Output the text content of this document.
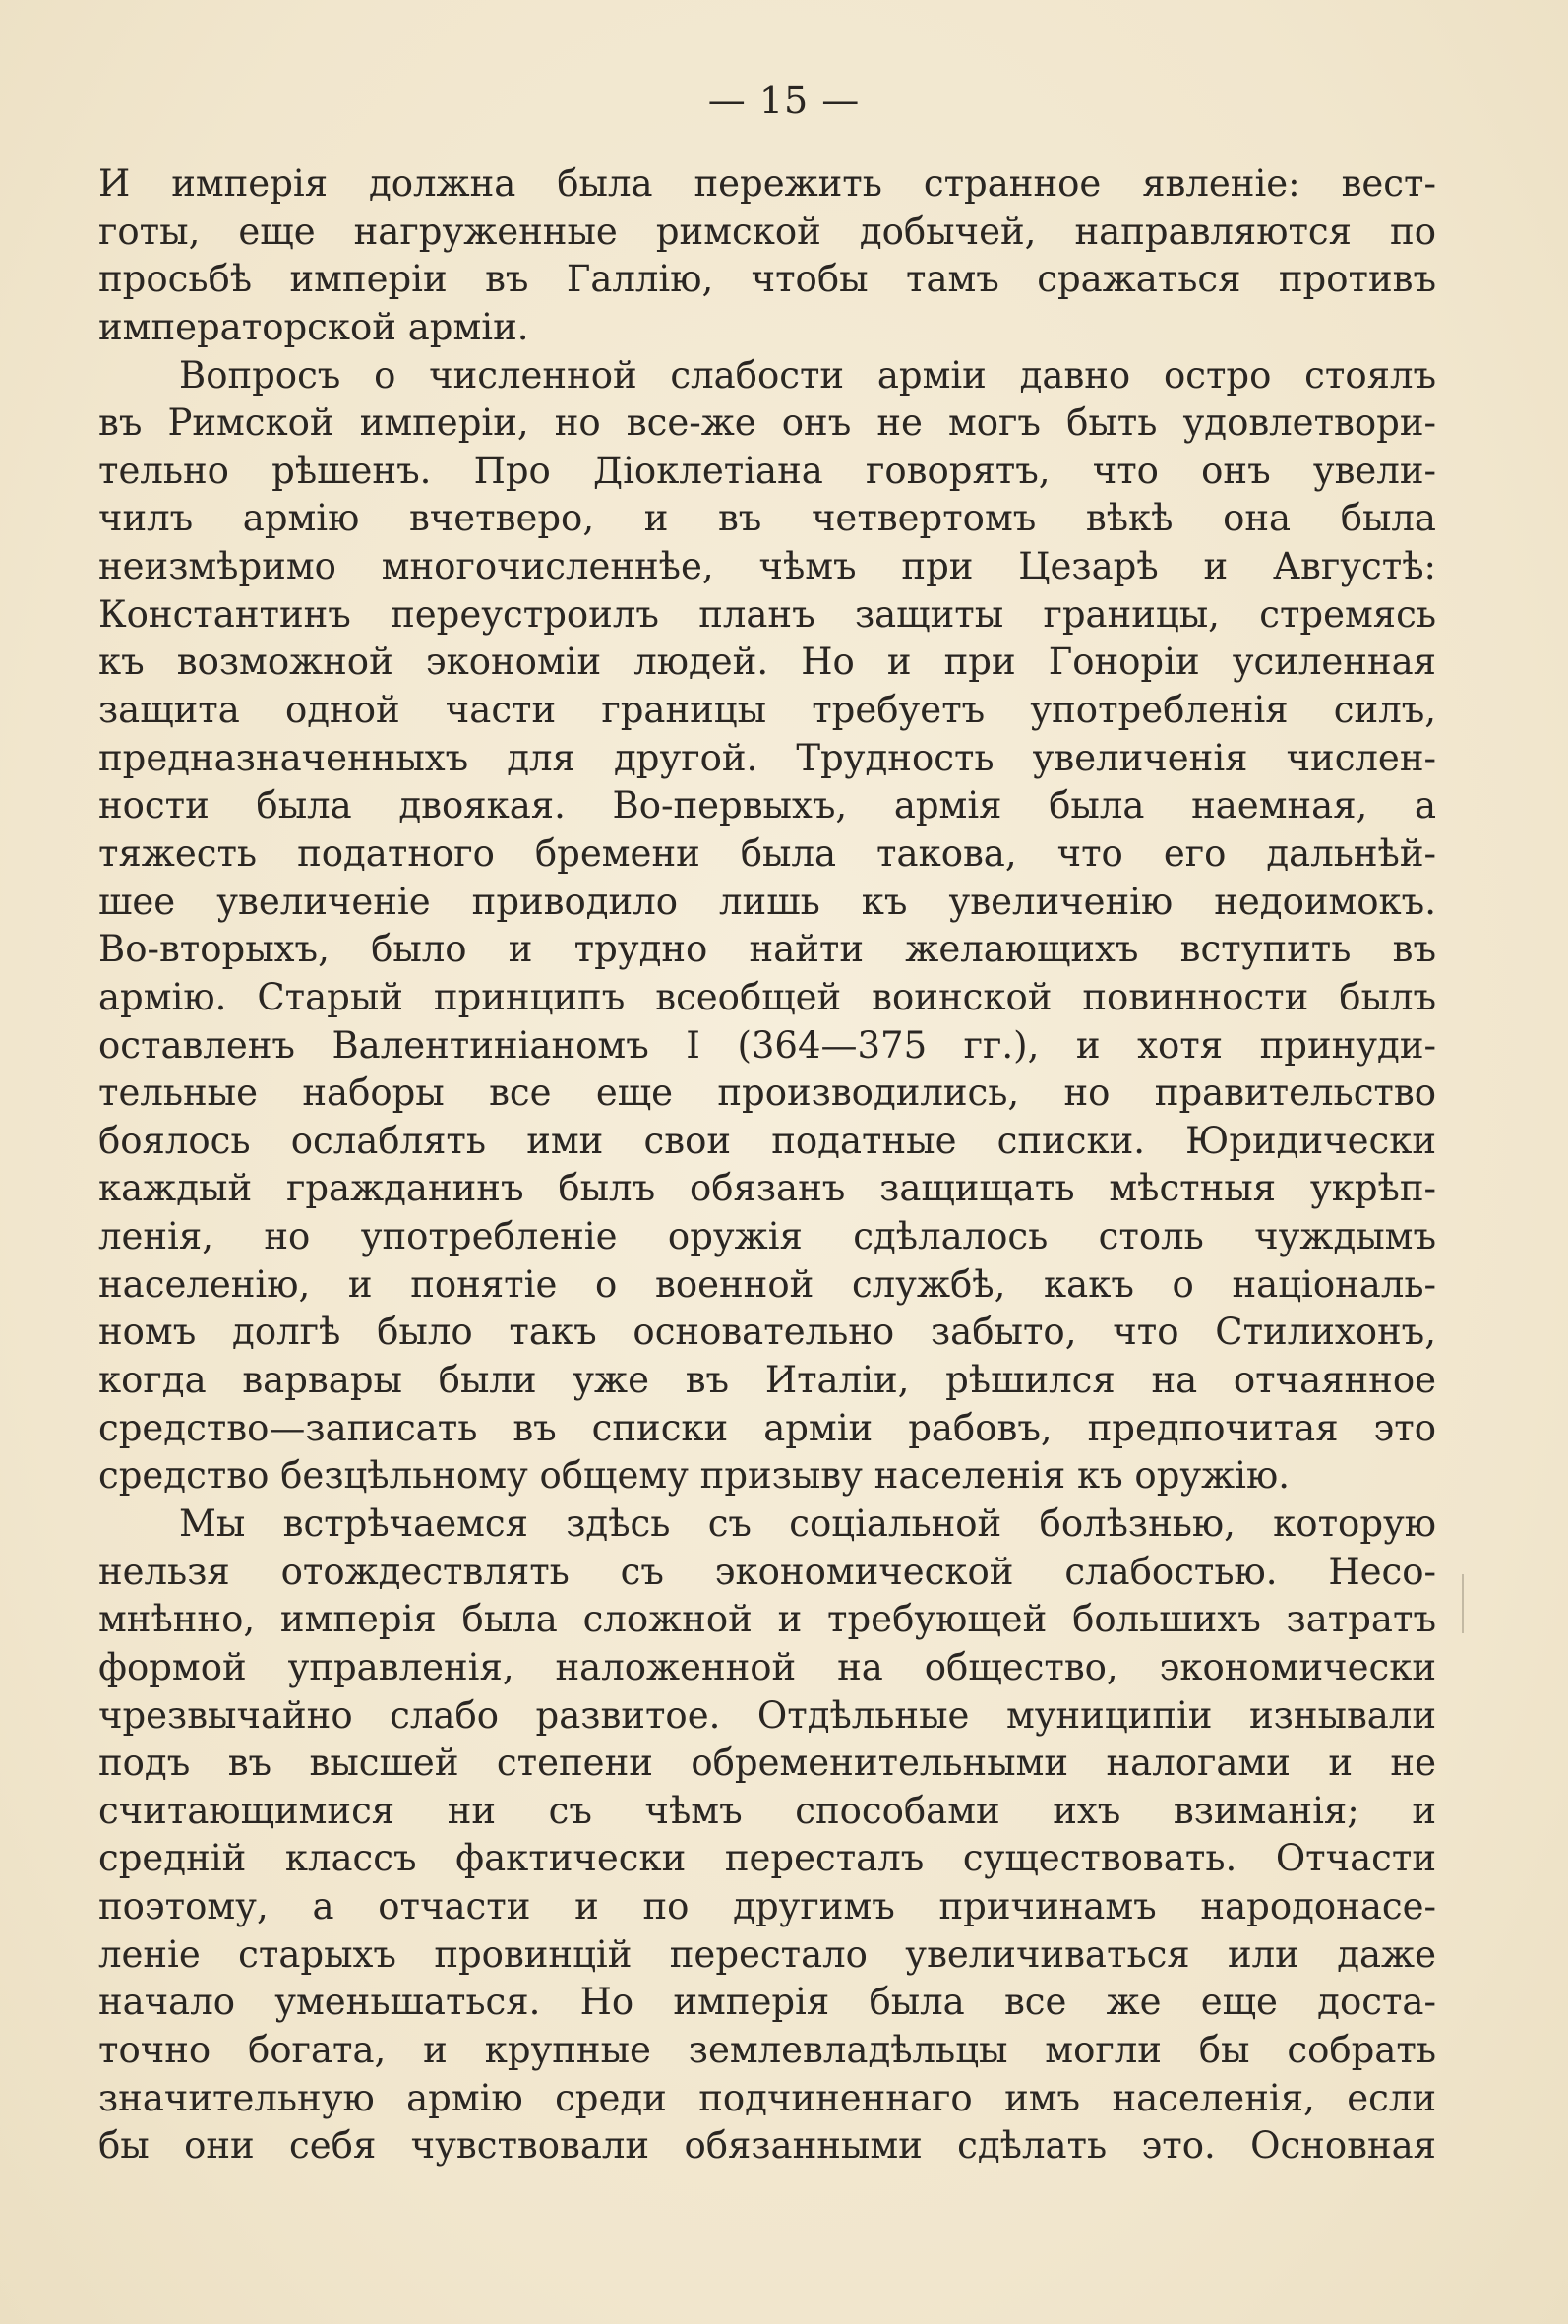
— 15 —
И имперія должна была пережить странное явленіе: вест-
готы, еще нагруженные римской добычей, направляются по
просьбѣ имперіи въ Галлію, чтобы тамъ сражаться противъ
императорской арміи.
Вопросъ о численной слабости арміи давно остро стоялъ
въ Римской имперіи, но все-же онъ не могъ быть удовлетвори-
тельно рѣшенъ. Про Діоклетіана говорятъ, что онъ увели-
чилъ армію вчетверо, и въ четвертомъ вѣкѣ она была
неизмѣримо многочисленнѣе, чѣмъ при Цезарѣ и Августѣ:
Константинъ переустроилъ планъ защиты границы, стремясь
къ возможной экономіи людей. Но и при Гоноріи усиленная
защита одной части границы требуетъ употребленія силъ,
предназначенныхъ для другой. Трудность увеличенія числен-
ности была двоякая. Во-первыхъ, армія была наемная, а
тяжесть податного бремени была такова, что его дальнѣй-
шее увеличеніе приводило лишь къ увеличенію недоимокъ.
Во-вторыхъ, было и трудно найти желающихъ вступить въ
армію. Старый принципъ всеобщей воинской повинности былъ
оставленъ Валентиніаномъ I (364—375 гг.), и хотя принуди-
тельные наборы все еще производились, но правительство
боялось ослаблять ими свои податные списки. Юридически
каждый гражданинъ былъ обязанъ защищать мѣстныя укрѣп-
ленія, но употребленіе оружія сдѣлалось столь чуждымъ
населенію, и понятіе о военной службѣ, какъ о національ-
номъ долгѣ было такъ основательно забыто, что Стилихонъ,
когда варвары были уже въ Италіи, рѣшился на отчаянное
средство—записать въ списки арміи рабовъ, предпочитая это
средство безцѣльному общему призыву населенія къ оружію.
Мы встрѣчаемся здѣсь съ соціальной болѣзнью, которую
нельзя отождествлять съ экономической слабостью. Несо-
мнѣнно, имперія была сложной и требующей большихъ затратъ
формой управленія, наложенной на общество, экономически
чрезвычайно слабо развитое. Отдѣльные муниципіи изнывали
подъ въ высшей степени обременительными налогами и не
считающимися ни съ чѣмъ способами ихъ взиманія; и
средній классъ фактически пересталъ существовать. Отчасти
поэтому, а отчасти и по другимъ причинамъ народонасе-
леніе старыхъ провинцій перестало увеличиваться или даже
начало уменьшаться. Но имперія была все же еще доста-
точно богата, и крупные землевладѣльцы могли бы собрать
значительную армію среди подчиненнаго имъ населенія, если
бы они себя чувствовали обязанными сдѣлать это. Основная
